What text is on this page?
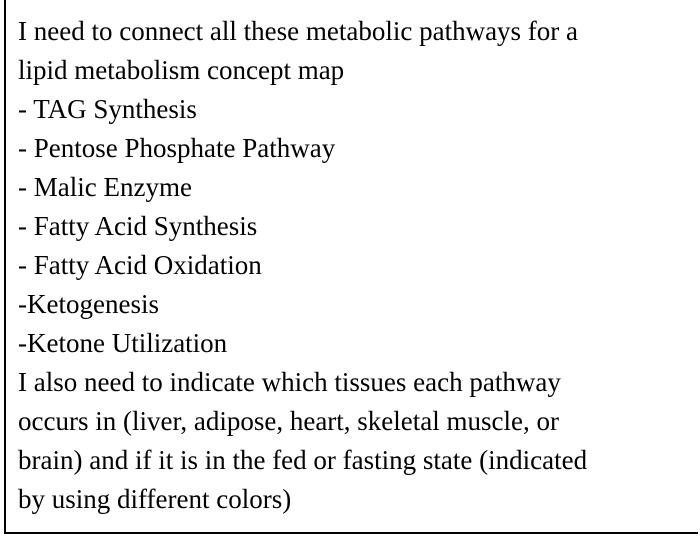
I need to connect all these metabolic pathways for a
lipid metabolism concept map
- TAG Synthesis
- Pentose Phosphate Pathway
- Malic Enzyme
- Fatty Acid Synthesis
- Fatty Acid Oxidation
-Ketogenesis
-Ketone Utilization
I also need to indicate which tissues each pathway
occurs in (liver, adipose, heart, skeletal muscle, or
brain) and if it is in the fed or fasting state (indicated
by using different colors)
